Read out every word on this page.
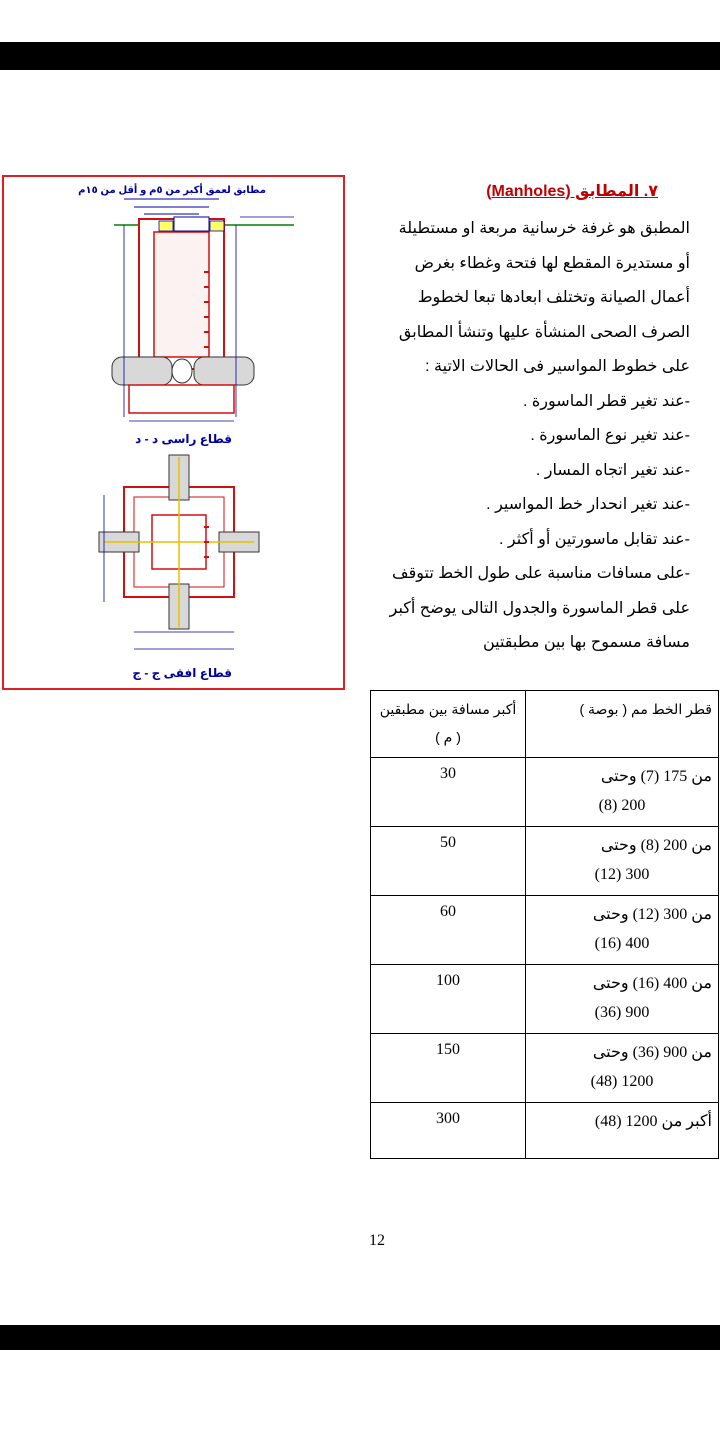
مطابق لعمق أكبر من ٥م و أقل من ١٥م
قطاع راسى د - د
قطاع افقى ج - ج
٧. المطابق (Manholes)

المطبق هو غرفة خرسانية مربعة او مستطيلة

أو مستديرة المقطع لها فتحة وغطاء بغرض

أعمال الصيانة وتختلف ابعادها تبعا لخطوط

الصرف الصحى المنشأة عليها وتنشأ المطابق

على خطوط المواسير فى الحالات الاتية :

-عند تغير قطر الماسورة .
-عند تغير نوع الماسورة .
-عند تغير اتجاه المسار .
-عند تغير انحدار خط المواسير .
-عند تقابل ماسورتين أو أكثر .

-على مسافات مناسبة على طول الخط تتوقف

على قطر الماسورة والجدول التالى يوضح أكبر

مسافة مسموح بها بين مطبقتين

قطر الخط مم ( بوصة )	أكبر مسافة بين مطبقين ( م )

من 175 (7) وحتى
200 (8)	30

من 200 (8) وحتى
300 (12)	50

من 300 (12) وحتى
400 (16)	60

من 400 (16) وحتى
900 (36)	100

من 900 (36) وحتى
1200 (48)	150

أكبر من 1200 (48)	300
12
